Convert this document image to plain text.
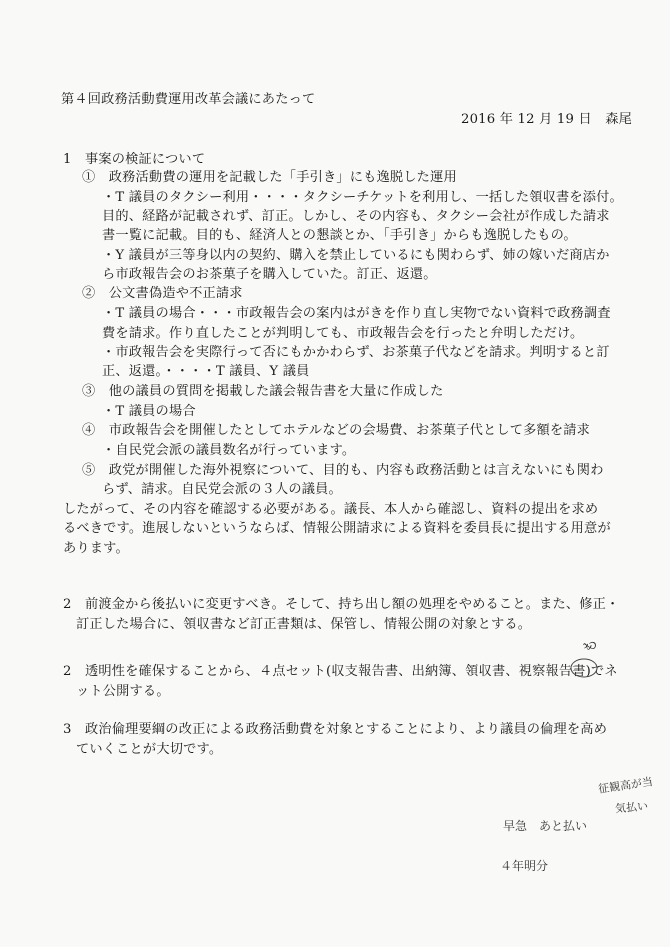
第４回政務活動費運用改革会議にあたって
2016 年 12 月 19 日　森尾
1　事案の検証について
①　政務活動費の運用を記載した「手引き」にも逸脱した運用
・T 議員のタクシー利用・・・・タクシーチケットを利用し、一括した領収書を添付。
目的、経路が記載されず、訂正。しかし、その内容も、タクシー会社が作成した請求
書一覧に記載。目的も、経済人との懇談とか、「手引き」からも逸脱したもの。
・Y 議員が三等身以内の契約、購入を禁止しているにも関わらず、姉の嫁いだ商店か
ら市政報告会のお茶菓子を購入していた。訂正、返還。
②　公文書偽造や不正請求
・T 議員の場合・・・市政報告会の案内はがきを作り直し実物でない資料で政務調査
費を請求。作り直したことが判明しても、市政報告会を行ったと弁明しただけ。
・市政報告会を実際行って否にもかかわらず、お茶菓子代などを請求。判明すると訂
正、返還。・・・・T 議員、Y 議員
③　他の議員の質問を掲載した議会報告書を大量に作成した
・T 議員の場合
④　市政報告会を開催したとしてホテルなどの会場費、お茶菓子代として多額を請求
・自民党会派の議員数名が行っています。
⑤　政党が開催した海外視察について、目的も、内容も政務活動とは言えないにも関わ
らず、請求。自民党会派の３人の議員。
したがって、その内容を確認する必要がある。議長、本人から確認し、資料の提出を求め
るべきです。進展しないというならば、情報公開請求による資料を委員長に提出する用意が
あります。
2　前渡金から後払いに変更すべき。そして、持ち出し額の処理をやめること。また、修正・
訂正した場合に、領収書など訂正書類は、保管し、情報公開の対象とする。
2　透明性を確保することから、４点セット(収支報告書、出納簿、領収書、視察報告書)でネ
ット公開する。
3　政治倫理要綱の改正による政務活動費を対象とすることにより、より議員の倫理を高め
ていくことが大切です。
も
征観高が当
気払い
早急　あと払い
４年明分
